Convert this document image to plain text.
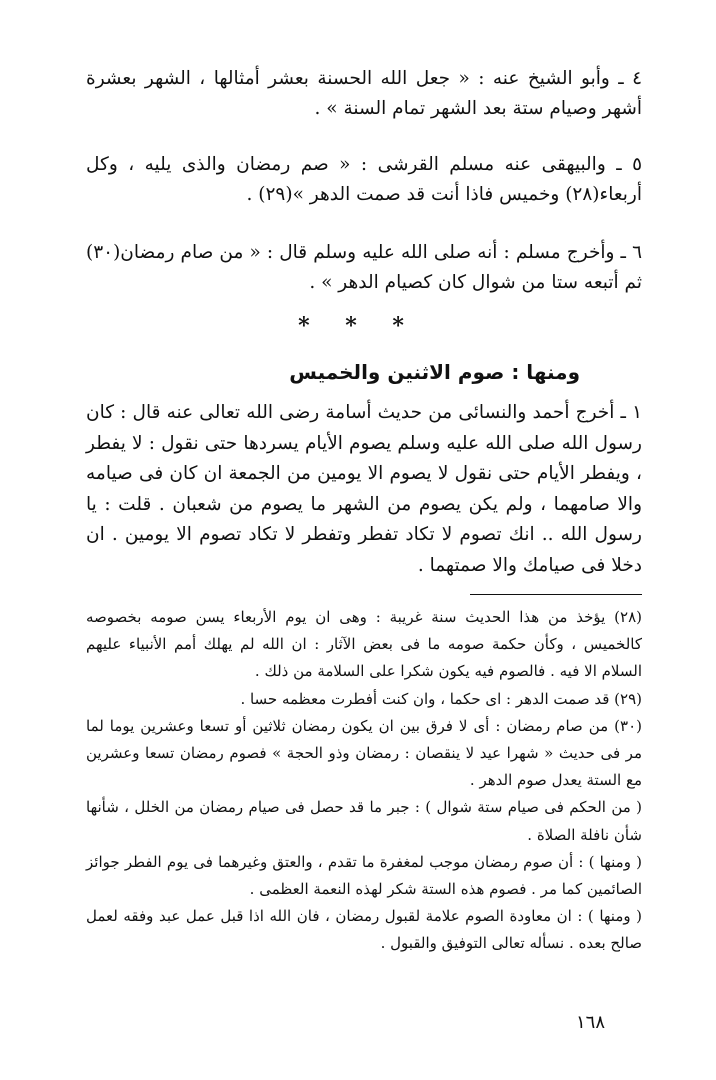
٤ ـ وأبو الشيخ عنه : « جعل الله الحسنة بعشر أمثالها ، الشهر بعشرة أشهر وصيام ستة بعد الشهر تمام السنة » .

٥ ـ والبيهقى عنه مسلم القرشى : « صم رمضان والذى يليه ، وكل أربعاء(٢٨) وخميس فاذا أنت قد صمت الدهر »(٢٩) .

٦ ـ وأخرج مسلم : أنه صلى الله عليه وسلم قال : « من صام رمضان(٣٠) ثم أتبعه ستا من شوال كان كصيام الدهر » .

* * *
ومنها : صوم الاثنين والخميس

١ ـ أخرج أحمد والنسائى من حديث أسامة رضى الله تعالى عنه قال : كان رسول الله صلى الله عليه وسلم يصوم الأيام يسردها حتى نقول : لا يفطر ، ويفطر الأيام حتى نقول لا يصوم الا يومين من الجمعة ان كان فى صيامه والا صامهما ، ولم يكن يصوم من الشهر ما يصوم من شعبان . قلت : يا رسول الله .. انك تصوم لا تكاد تفطر وتفطر لا تكاد تصوم الا يومين . ان دخلا فى صيامك والا صمتهما .

(٢٨) يؤخذ من هذا الحديث سنة غريبة : وهى ان يوم الأربعاء يسن صومه بخصوصه كالخميس ، وكأن حكمة صومه ما فى بعض الآثار : ان الله لم يهلك أمم الأنبياء عليهم السلام الا فيه . فالصوم فيه يكون شكرا على السلامة من ذلك .

(٢٩) قد صمت الدهر : اى حكما ، وان كنت أفطرت معظمه حسا .

(٣٠) من صام رمضان : أى لا فرق بين ان يكون رمضان ثلاثين أو تسعا وعشرين يوما لما مر فى حديث « شهرا عيد لا ينقصان : رمضان وذو الحجة » فصوم رمضان تسعا وعشرين مع الستة يعدل صوم الدهر .

( من الحكم فى صيام ستة شوال ) : جبر ما قد حصل فى صيام رمضان من الخلل ، شأنها شأن نافلة الصلاة .

( ومنها ) : أن صوم رمضان موجب لمغفرة ما تقدم ، والعتق وغيرهما فى يوم الفطر جوائز الصائمين كما مر . فصوم هذه الستة شكر لهذه النعمة العظمى .

( ومنها ) : ان معاودة الصوم علامة لقبول رمضان ، فان الله اذا قبل عمل عبد وفقه لعمل صالح بعده . نسأله تعالى التوفيق والقبول .

١٦٨
